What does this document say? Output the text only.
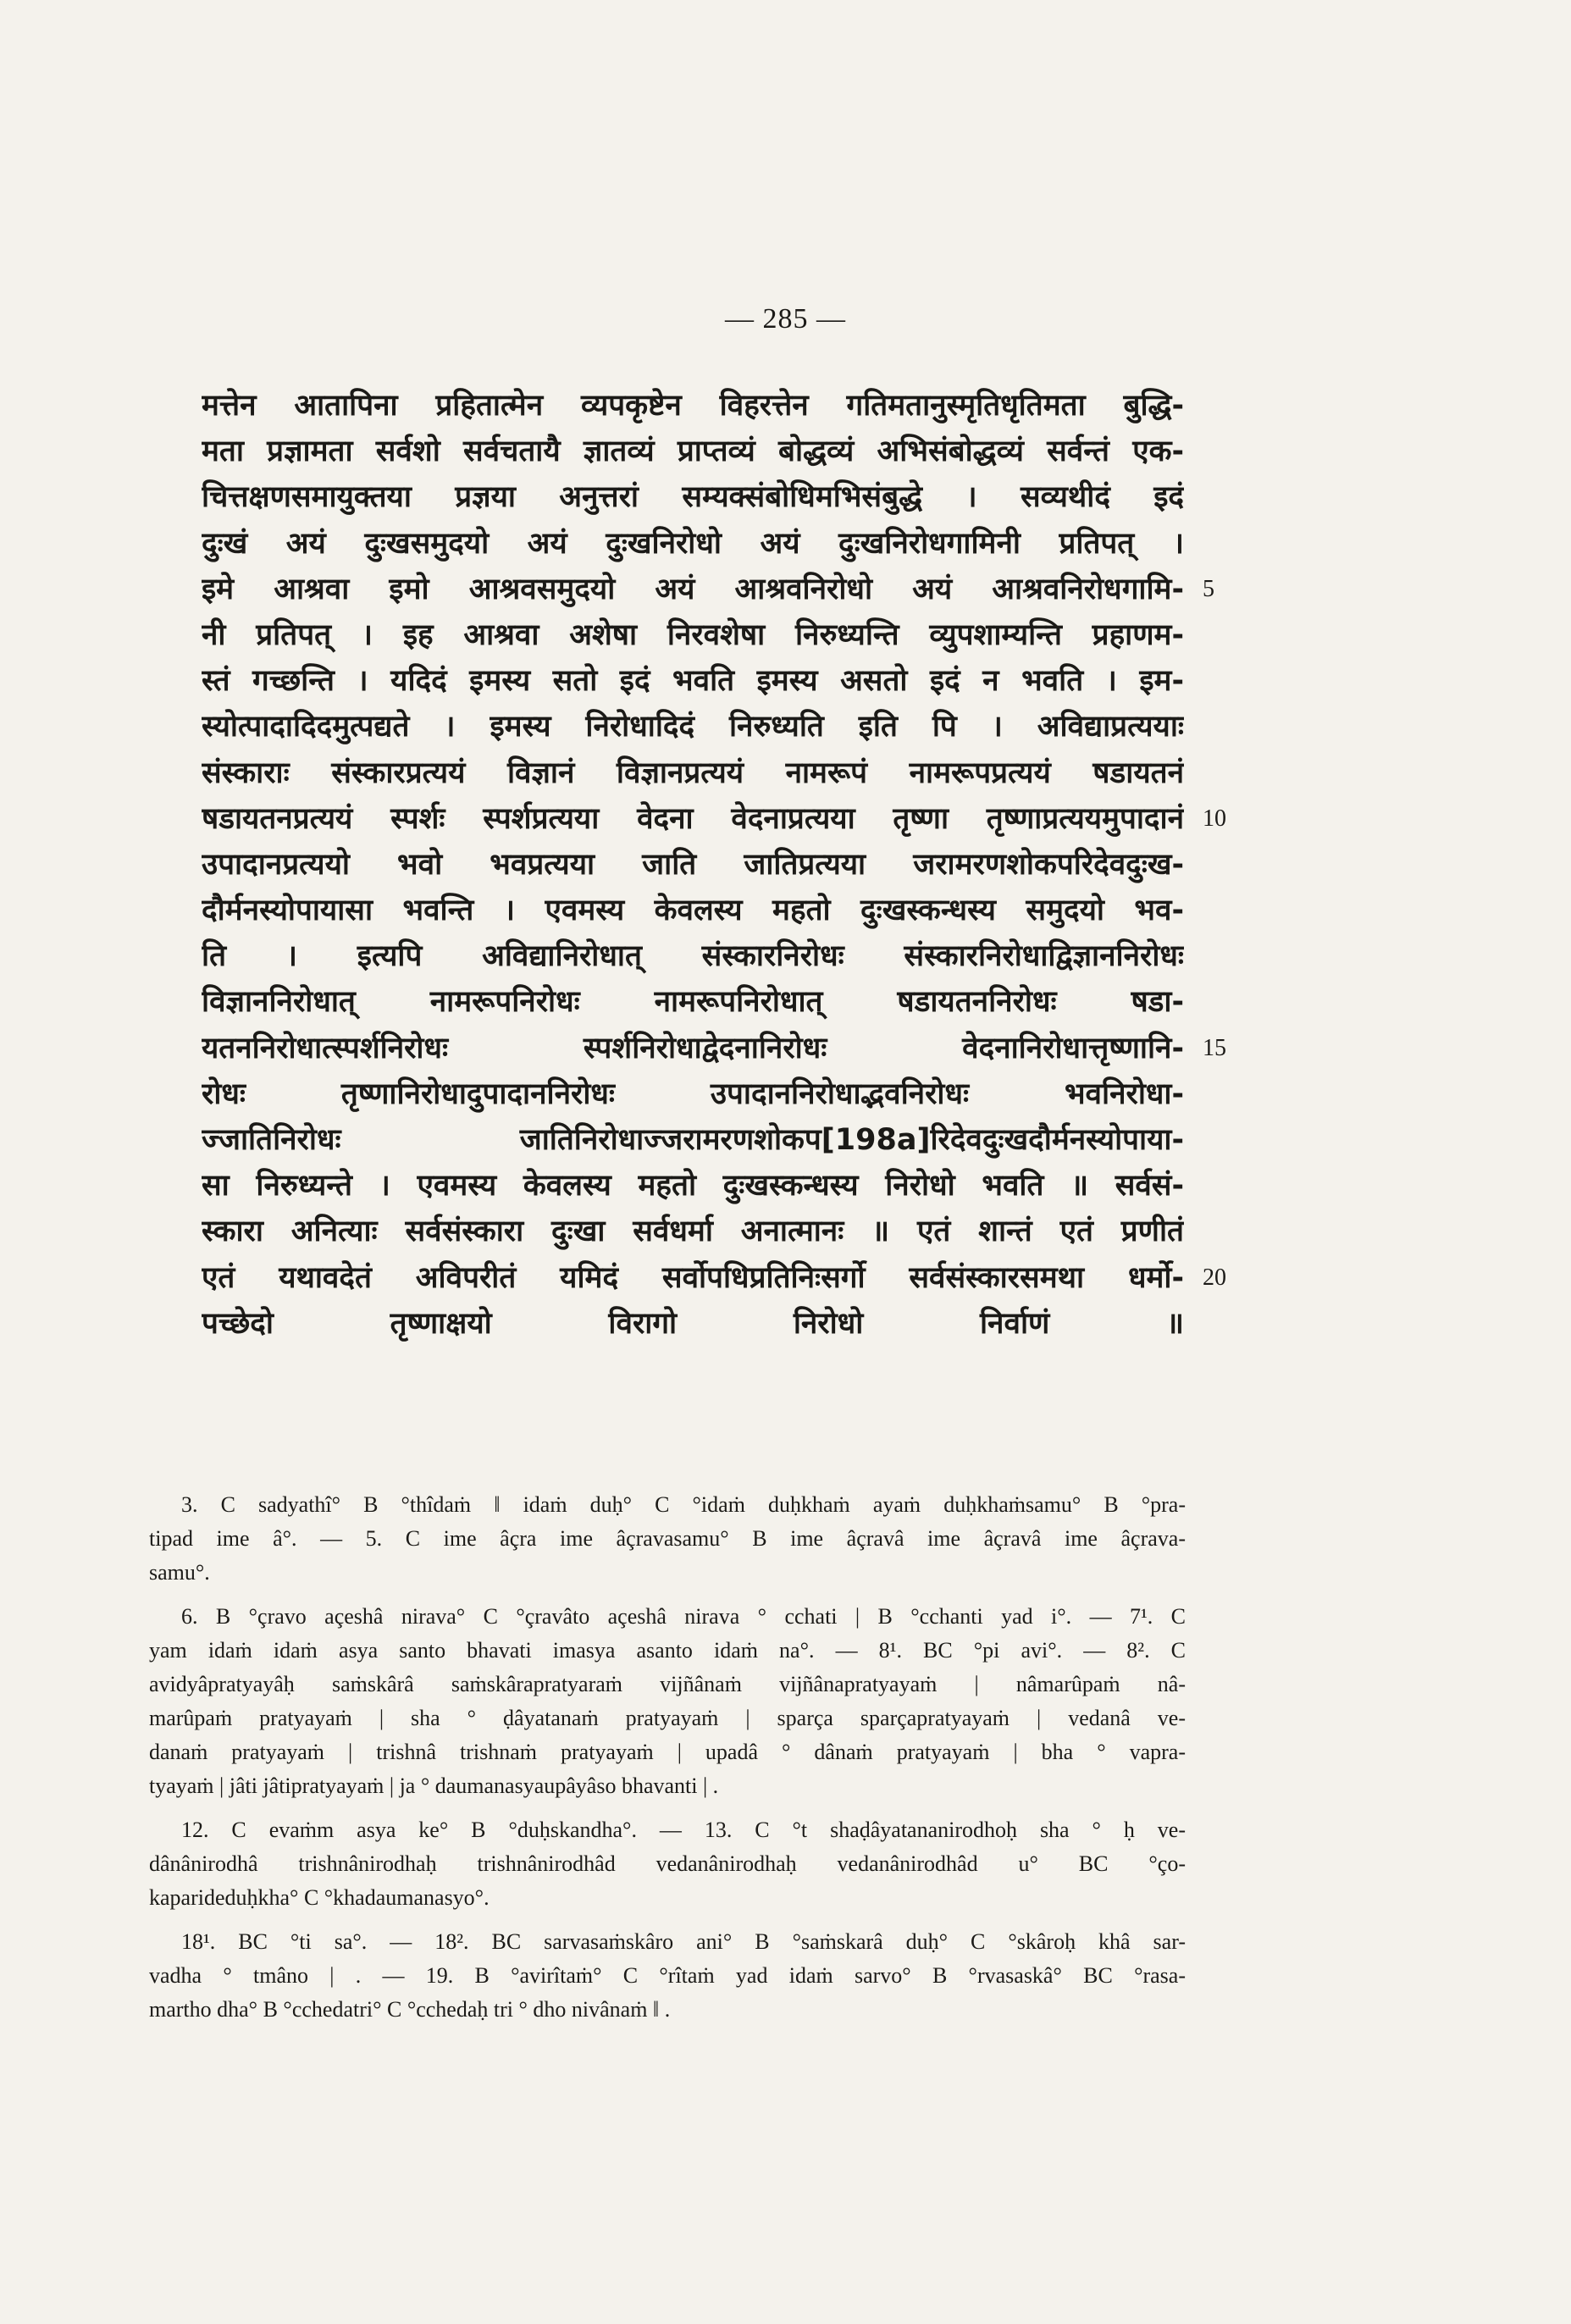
— 285 —
मत्तेन आतापिना प्रहितात्मेन व्यपकृष्टेन विहरत्तेन गतिमतानुस्मृतिधृतिमता बुद्धि-
मता प्रज्ञामता सर्वशो सर्वचतायै ज्ञातव्यं प्राप्तव्यं बोद्धव्यं अभिसंबोद्धव्यं सर्वन्तं एक-
चित्तक्षणसमायुक्तया प्रज्ञया अनुत्तरां सम्यक्संबोधिमभिसंबुद्धे । सव्यथीदं इदं
दुःखं अयं दुःखसमुदयो अयं दुःखनिरोधो अयं दुःखनिरोधगामिनी प्रतिपत् ।
इमे आश्रवा इमो आश्रवसमुदयो अयं आश्रवनिरोधो अयं आश्रवनिरोधगामि-
नी प्रतिपत् । इह आश्रवा अशेषा निरवशेषा निरुध्यन्ति व्युपशाम्यन्ति प्रहाणम-
स्तं गच्छन्ति । यदिदं इमस्य सतो इदं भवति इमस्य असतो इदं न भवति । इम-
स्योत्पादादिदमुत्पद्यते । इमस्य निरोधादिदं निरुध्यति इति पि । अविद्याप्रत्ययाः
संस्काराः संस्कारप्रत्ययं विज्ञानं विज्ञानप्रत्ययं नामरूपं नामरूपप्रत्ययं षडायतनं
षडायतनप्रत्ययं स्पर्शः स्पर्शप्रत्यया वेदना वेदनाप्रत्यया तृष्णा तृष्णाप्रत्ययमुपादानं
उपादानप्रत्ययो भवो भवप्रत्यया जाति जातिप्रत्यया जरामरणशोकपरिदेवदुःख-
दौर्मनस्योपायासा भवन्ति । एवमस्य केवलस्य महतो दुःखस्कन्धस्य समुदयो भव-
ति । इत्यपि अविद्यानिरोधात् संस्कारनिरोधः संस्कारनिरोधाद्विज्ञाननिरोधः
विज्ञाननिरोधात् नामरूपनिरोधः नामरूपनिरोधात् षडायतननिरोधः षडा-
यतननिरोधात्स्पर्शनिरोधः स्पर्शनिरोधाद्वेदनानिरोधः वेदनानिरोधात्तृष्णानि-
रोधः तृष्णानिरोधादुपादाननिरोधः उपादाननिरोधाद्भवनिरोधः भवनिरोधा-
ज्जातिनिरोधः जातिनिरोधाज्जरामरणशोकप[198a]रिदेवदुःखदौर्मनस्योपाया-
सा निरुध्यन्ते । एवमस्य केवलस्य महतो दुःखस्कन्धस्य निरोधो भवति ॥ सर्वसं-
स्कारा अनित्याः सर्वसंस्कारा दुःखा सर्वधर्मा अनात्मानः ॥ एतं शान्तं एतं प्रणीतं
एतं यथावदेतं अविपरीतं यमिदं सर्वोपधिप्रतिनिःसर्गो सर्वसंस्कारसमथा धर्मो-
पच्छेदो तृष्णाक्षयो विरागो निरोधो निर्वाणं ॥
5
10
15
20
3. C sadyathî° B °thîdaṁ ‖ idaṁ duḥ° C °idaṁ duḥkhaṁ ayaṁ duḥkhaṁsamu° B °pra-
tipad ime â°. — 5. C ime âçra ime âçravasamu° B ime âçravâ ime âçravâ ime âçrava-
samu°.
6. B °çravo açeshâ nirava° C °çravâto açeshâ nirava ° cchati | B °cchanti yad i°. — 7¹. C
yam idaṁ idaṁ asya santo bhavati imasya asanto idaṁ na°. — 8¹. BC °pi avi°. — 8². C
avidyâpratyayâḥ saṁskârâ saṁskârapratyaraṁ vijñânaṁ vijñânapratyayaṁ | nâmarûpaṁ nâ-
marûpaṁ pratyayaṁ | sha ° ḍâyatanaṁ pratyayaṁ | sparça sparçapratyayaṁ | vedanâ ve-
danaṁ pratyayaṁ | trishnâ trishnaṁ pratyayaṁ | upadâ ° dânaṁ pratyayaṁ | bha ° vapra-
tyayaṁ | jâti jâtipratyayaṁ | ja ° daumanasyaupâyâso bhavanti | .
12. C evaṁm asya ke° B °duḥskandha°. — 13. C °t shaḍâyatananirodhoḥ sha ° ḥ ve-
dânânirodhâ trishnânirodhaḥ trishnânirodhâd vedanânirodhaḥ vedanânirodhâd u° BC °ço-
kaparideduḥkha° C °khadaumanasyo°.
18¹. BC °ti sa°. — 18². BC sarvasaṁskâro ani° B °saṁskarâ duḥ° C °skâroḥ khâ sar-
vadha ° tmâno | . — 19. B °avirîtaṁ° C °rîtaṁ yad idaṁ sarvo° B °rvasaskâ° BC °rasa-
martho dha° B °cchedatri° C °cchedaḥ tri ° dho nivânaṁ ‖ .
